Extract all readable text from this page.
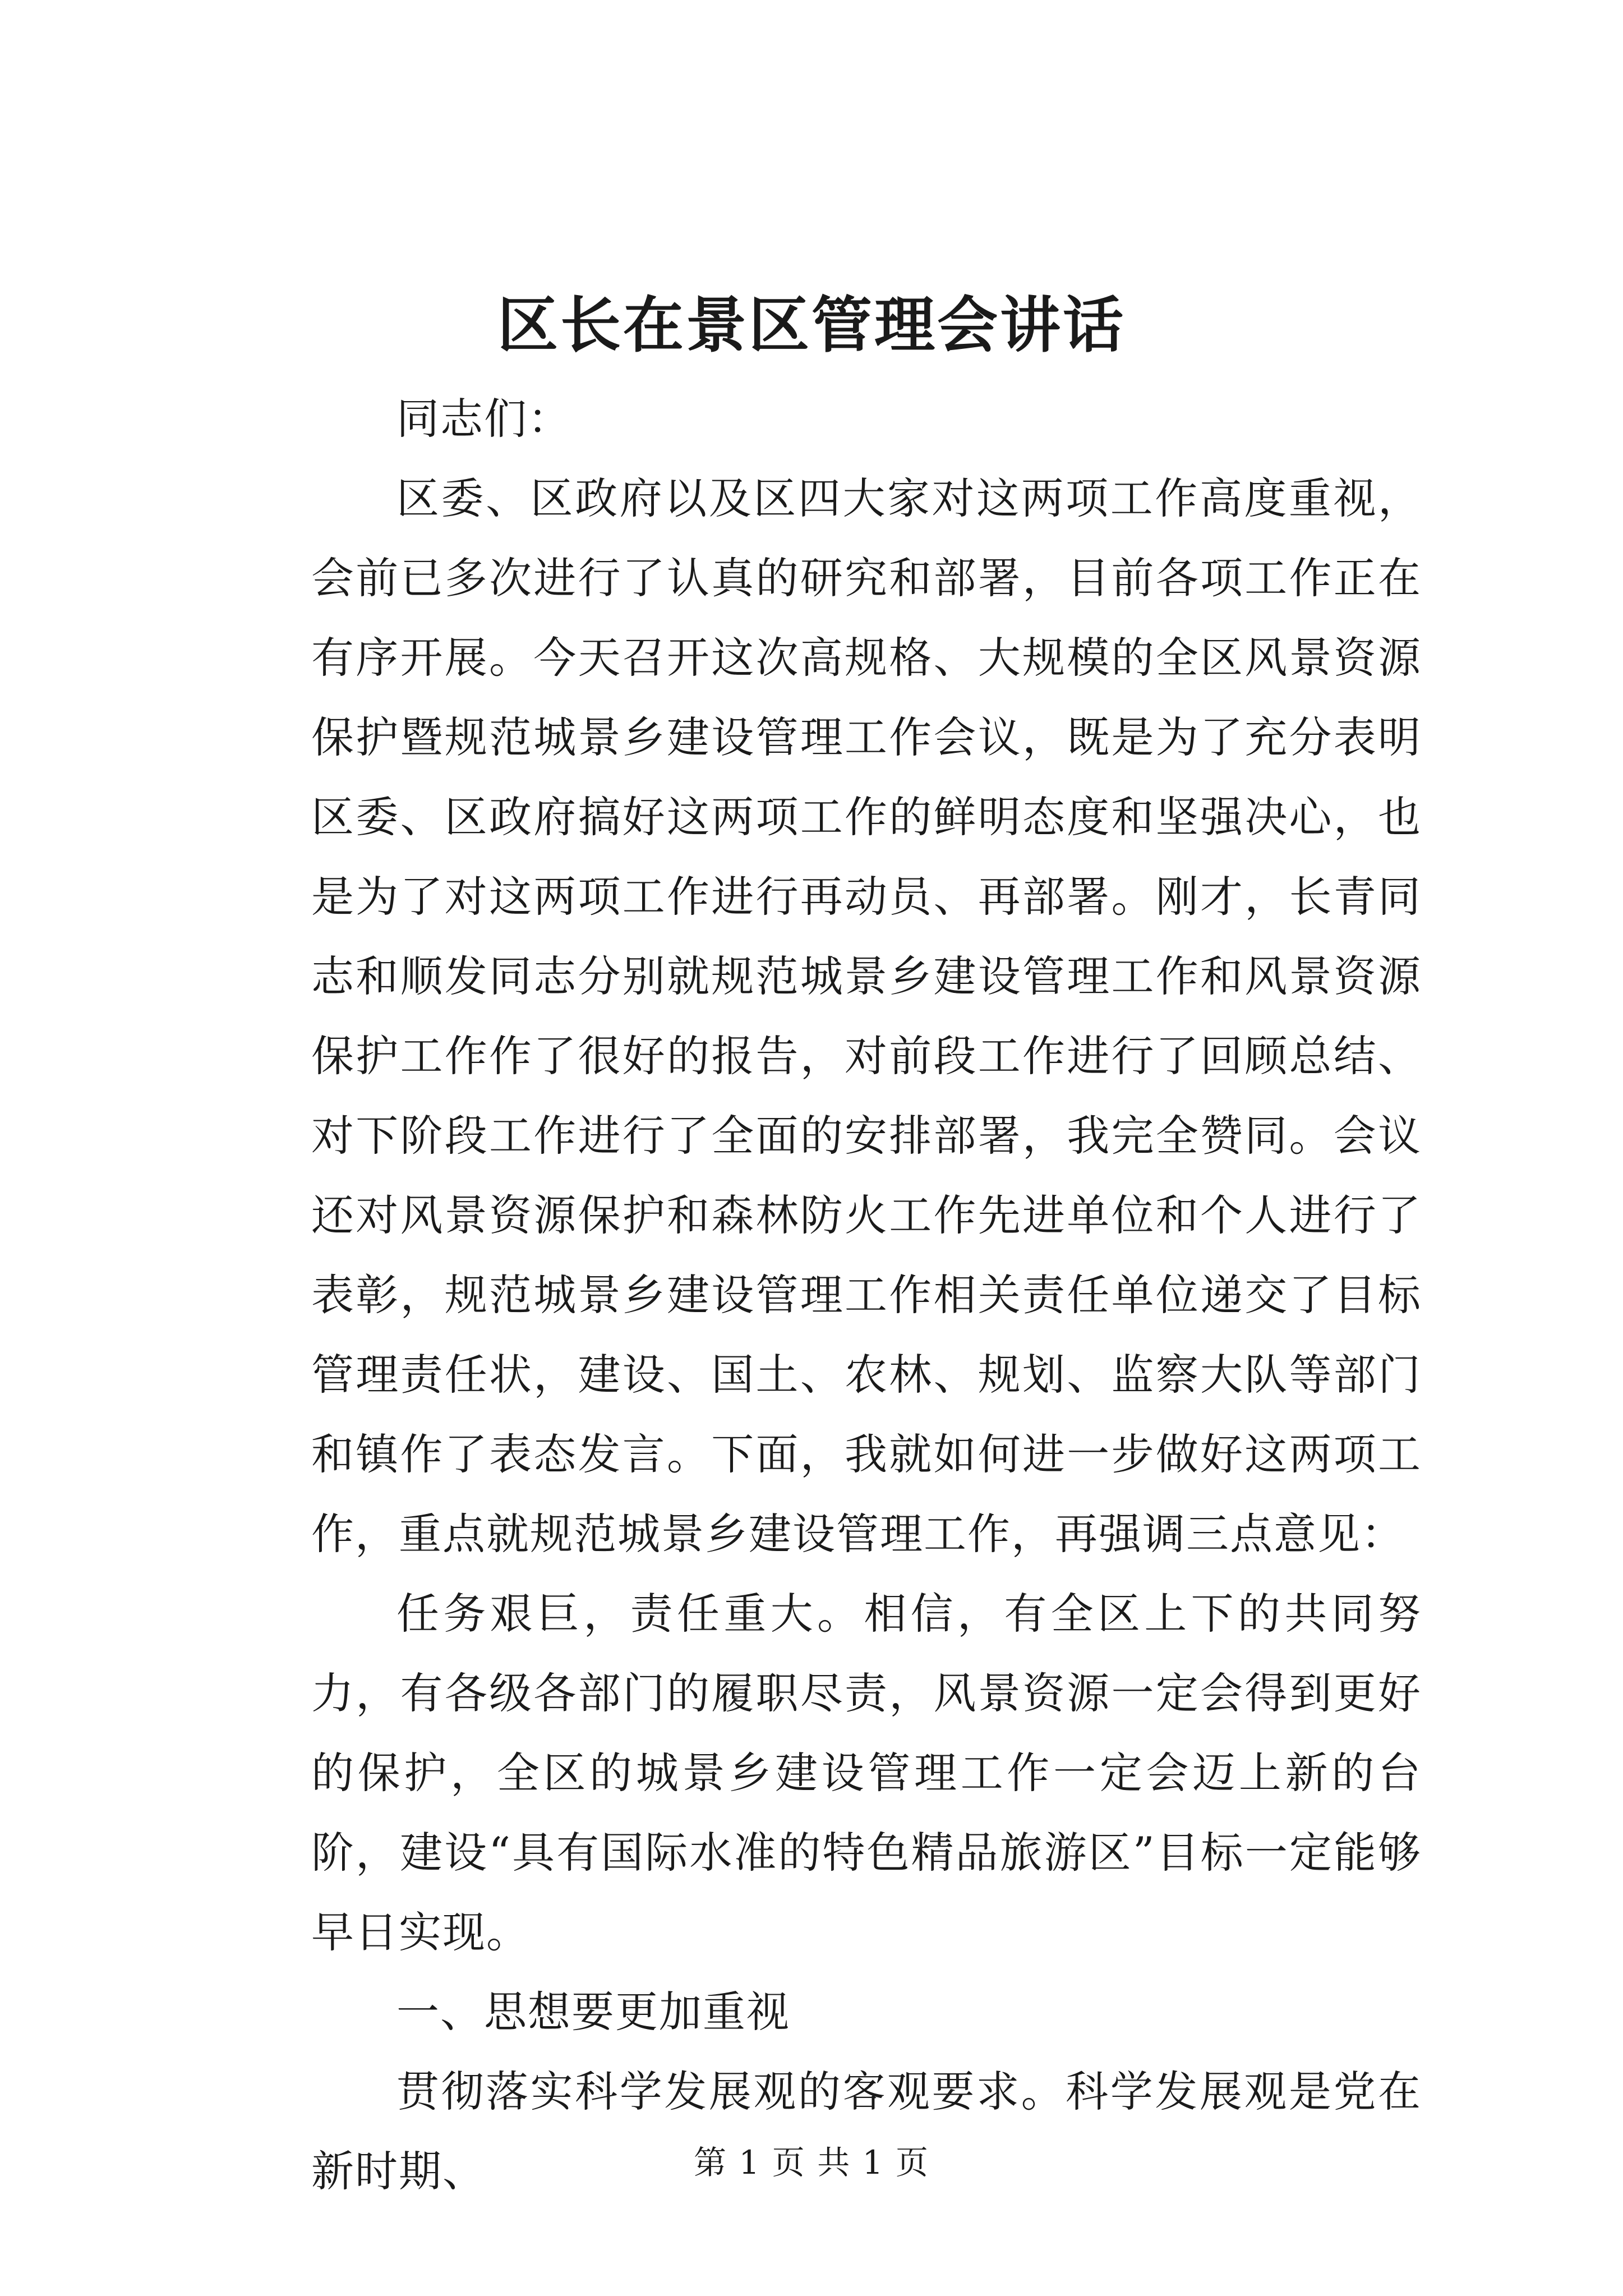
区长在景区管理会讲话

同志们：

区委、区政府以及区四大家对这两项工作高度重视，会前已多次进行了认真的研究和部署，目前各项工作正在有序开展。今天召开这次高规格、大规模的全区风景资源保护暨规范城景乡建设管理工作会议，既是为了充分表明区委、区政府搞好这两项工作的鲜明态度和坚强决心，也是为了对这两项工作进行再动员、再部署。刚才，长青同志和顺发同志分别就规范城景乡建设管理工作和风景资源保护工作作了很好的报告，对前段工作进行了回顾总结、对下阶段工作进行了全面的安排部署，我完全赞同。会议还对风景资源保护和森林防火工作先进单位和个人进行了表彰，规范城景乡建设管理工作相关责任单位递交了目标管理责任状，建设、国土、农林、规划、监察大队等部门和镇作了表态发言。下面，我就如何进一步做好这两项工作，重点就规范城景乡建设管理工作，再强调三点意见：

任务艰巨，责任重大。相信，有全区上下的共同努力，有各级各部门的履职尽责，风景资源一定会得到更好的保护，全区的城景乡建设管理工作一定会迈上新的台阶，建设“具有国际水准的特色精品旅游区”目标一定能够早日实现。

一、思想要更加重视

贯彻落实科学发展观的客观要求。科学发展观是党在新时期、	第 1 页 共 1 页
